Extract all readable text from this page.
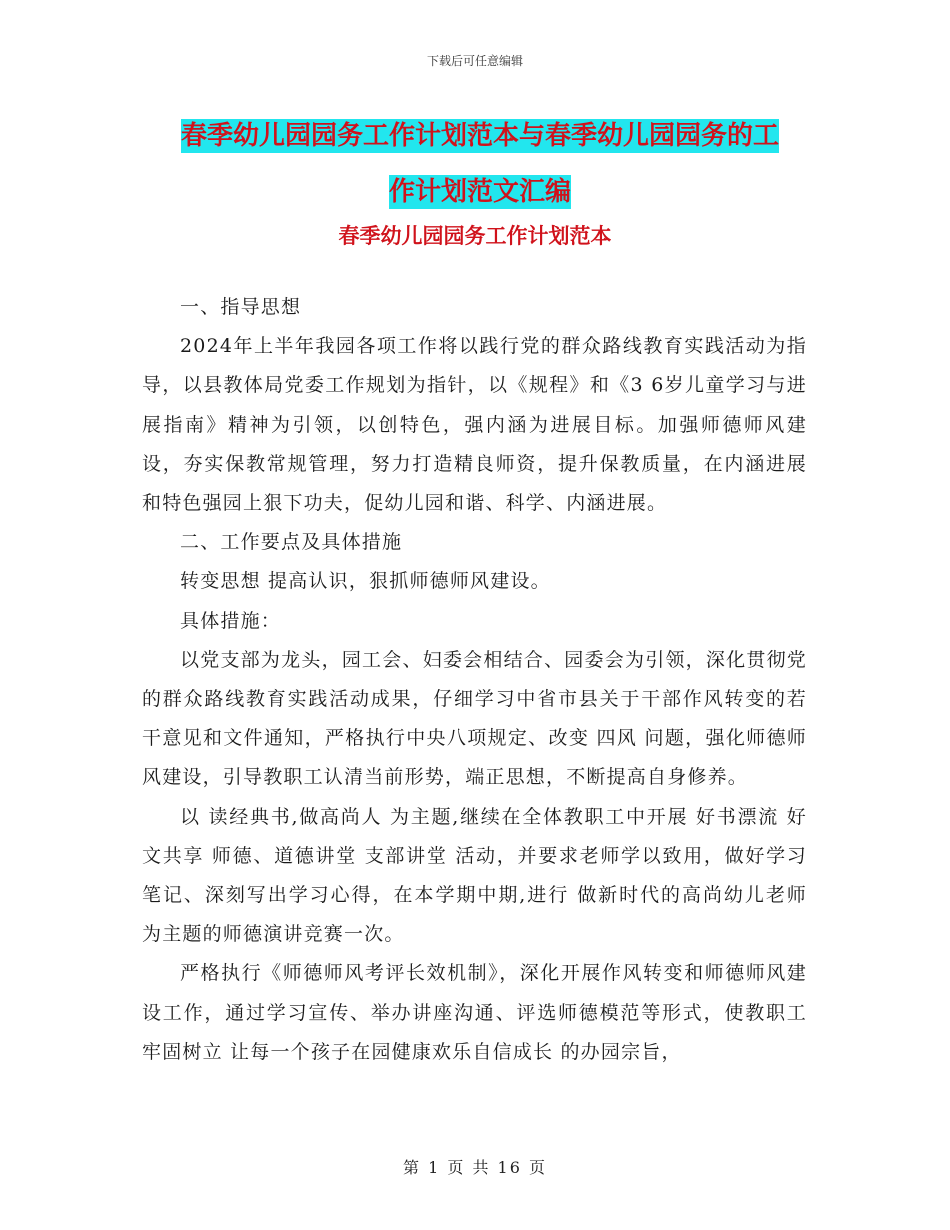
下载后可任意编辑
春季幼儿园园务工作计划范本与春季幼儿园园务的工
作计划范文汇编
春季幼儿园园务工作计划范本

一、指导思想

2024年上半年我园各项工作将以践行党的群众路线教育实践活动为指导，以县教体局党委工作规划为指针，以《规程》和《3 6岁儿童学习与进展指南》精神为引领，以创特色，强内涵为进展目标。加强师德师风建设，夯实保教常规管理，努力打造精良师资，提升保教质量，在内涵进展和特色强园上狠下功夫，促幼儿园和谐、科学、内涵进展。

二、工作要点及具体措施

转变思想 提高认识，狠抓师德师风建设。

具体措施：

以党支部为龙头，园工会、妇委会相结合、园委会为引领，深化贯彻党的群众路线教育实践活动成果，仔细学习中省市县关于干部作风转变的若干意见和文件通知，严格执行中央八项规定、改变 四风 问题，强化师德师风建设，引导教职工认清当前形势，端正思想，不断提高自身修养。

以 读经典书,做高尚人 为主题,继续在全体教职工中开展 好书漂流 好文共享 师德、道德讲堂 支部讲堂 活动，并要求老师学以致用，做好学习笔记、深刻写出学习心得，在本学期中期,进行 做新时代的高尚幼儿老师 为主题的师德演讲竞赛一次。

严格执行《师德师风考评长效机制》，深化开展作风转变和师德师风建设工作，通过学习宣传、举办讲座沟通、评选师德模范等形式，使教职工牢固树立 让每一个孩子在园健康欢乐自信成长 的办园宗旨，

第 1 页 共 16 页
